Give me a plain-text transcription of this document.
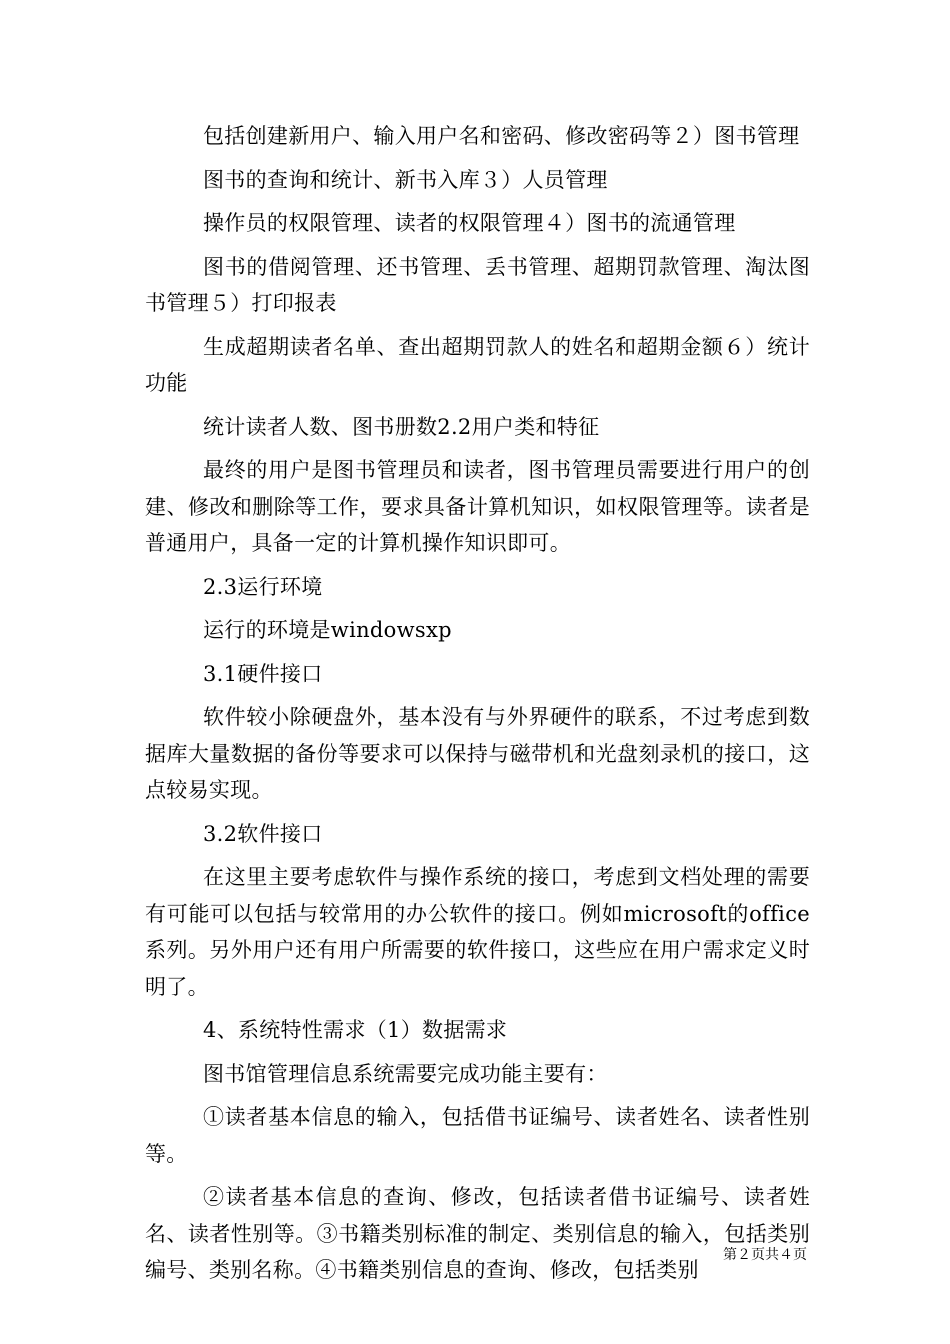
包括创建新用户、输入用户名和密码、修改密码等２）图书管理

图书的查询和统计、新书入库３）人员管理

操作员的权限管理、读者的权限管理４）图书的流通管理

图书的借阅管理、还书管理、丢书管理、超期罚款管理、淘汰图书管理５）打印报表

生成超期读者名单、查出超期罚款人的姓名和超期金额６）统计功能

统计读者人数、图书册数2.2用户类和特征

最终的用户是图书管理员和读者，图书管理员需要进行用户的创建、修改和删除等工作，要求具备计算机知识，如权限管理等。读者是普通用户，具备一定的计算机操作知识即可。

2.3运行环境

运行的环境是windowsxp

3.1硬件接口

软件较小除硬盘外，基本没有与外界硬件的联系，不过考虑到数据库大量数据的备份等要求可以保持与磁带机和光盘刻录机的接口，这点较易实现。

3.2软件接口

在这里主要考虑软件与操作系统的接口，考虑到文档处理的需要有可能可以包括与较常用的办公软件的接口。例如microsoft的office系列。另外用户还有用户所需要的软件接口，这些应在用户需求定义时明了。

4、系统特性需求（1）数据需求

图书馆管理信息系统需要完成功能主要有：

①读者基本信息的输入，包括借书证编号、读者姓名、读者性别等。

②读者基本信息的查询、修改，包括读者借书证编号、读者姓名、读者性别等。③书籍类别标准的制定、类别信息的输入，包括类别编号、类别名称。④书籍类别信息的查询、修改，包括类别

第２页共４页
